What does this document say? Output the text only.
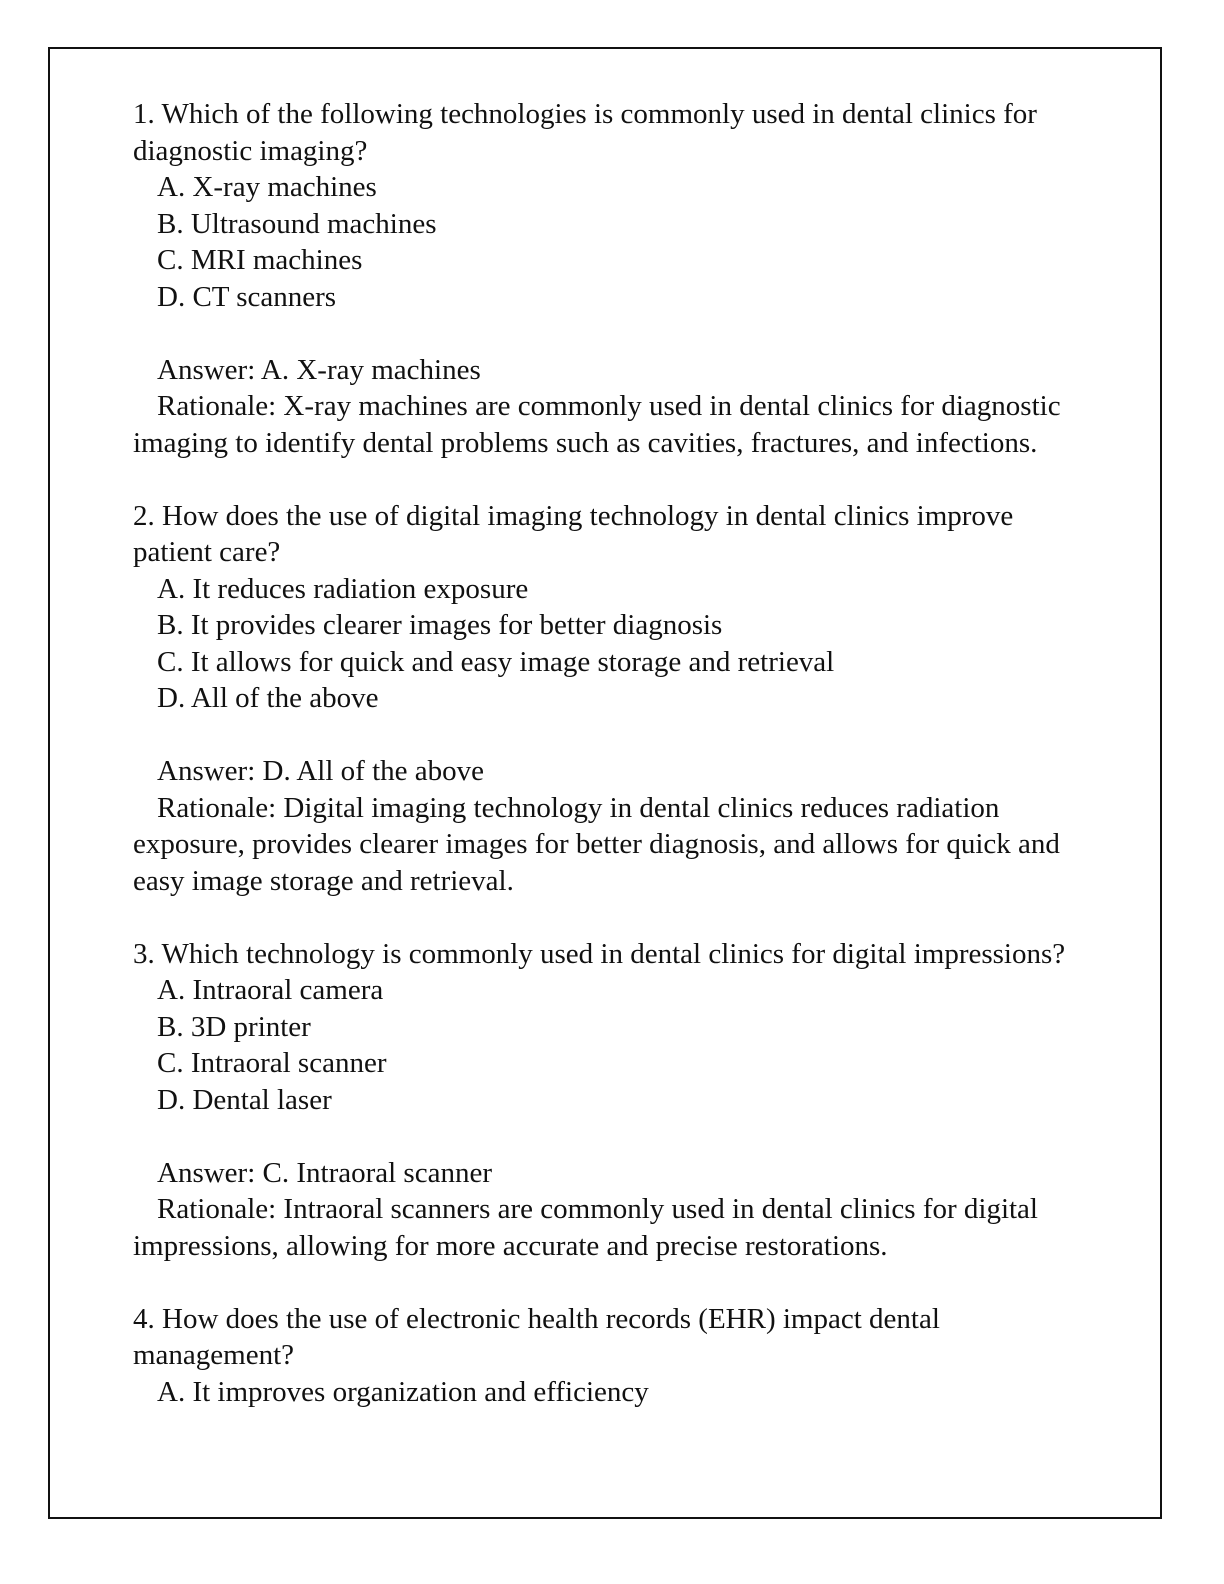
1. Which of the following technologies is commonly used in dental clinics for diagnostic imaging?

A. X-ray machines

B. Ultrasound machines

C. MRI machines

D. CT scanners

Answer: A. X-ray machines

Rationale: X-ray machines are commonly used in dental clinics for diagnostic imaging to identify dental problems such as cavities, fractures, and infections.

2. How does the use of digital imaging technology in dental clinics improve patient care?

A. It reduces radiation exposure

B. It provides clearer images for better diagnosis

C. It allows for quick and easy image storage and retrieval

D. All of the above

Answer: D. All of the above

Rationale: Digital imaging technology in dental clinics reduces radiation exposure, provides clearer images for better diagnosis, and allows for quick and easy image storage and retrieval.

3. Which technology is commonly used in dental clinics for digital impressions?

A. Intraoral camera

B. 3D printer

C. Intraoral scanner

D. Dental laser

Answer: C. Intraoral scanner

Rationale: Intraoral scanners are commonly used in dental clinics for digital impressions, allowing for more accurate and precise restorations.

4. How does the use of electronic health records (EHR) impact dental management?

A. It improves organization and efficiency
